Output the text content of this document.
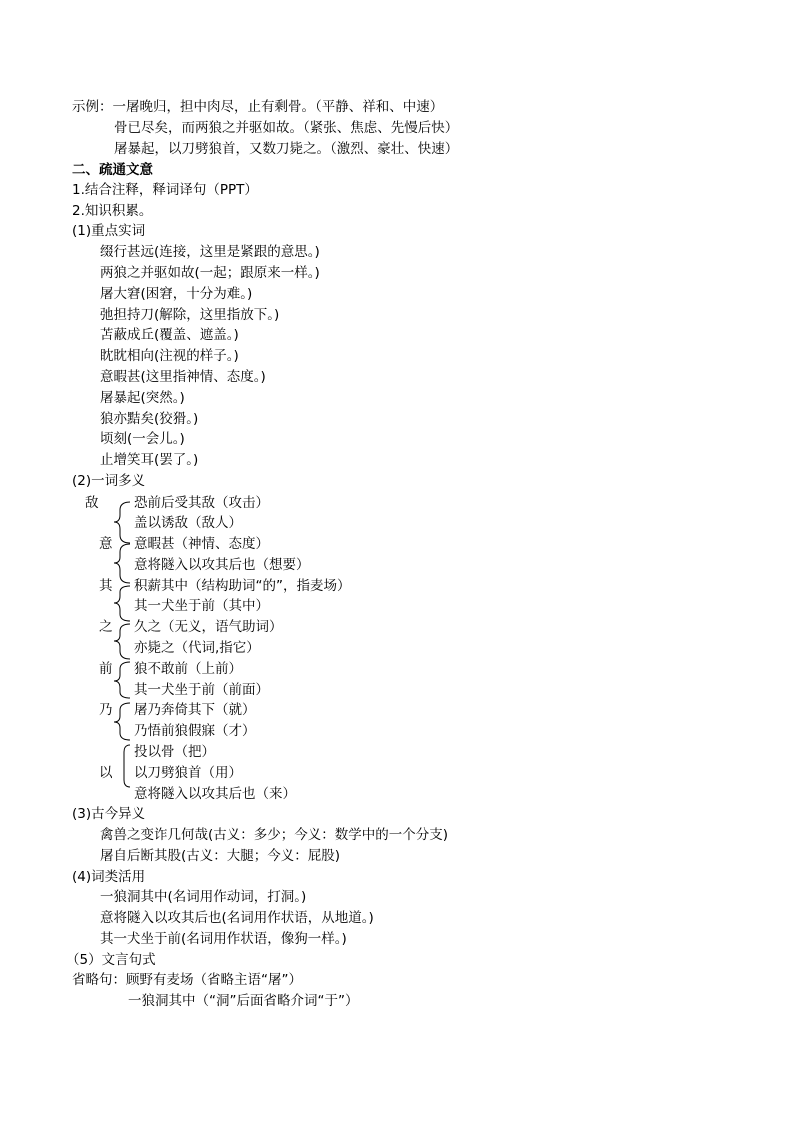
示例：一屠晚归，担中肉尽，止有剩骨。（平静、祥和、中速）
骨已尽矣，而两狼之并驱如故。（紧张、焦虑、先慢后快）
屠暴起，以刀劈狼首，又数刀毙之。（激烈、豪壮、快速）
二、疏通文意
1.结合注释，释词译句（PPT）
2.知识积累。
(1)重点实词
缀行甚远(连接，这里是紧跟的意思。)
两狼之并驱如故(一起；跟原来一样。)
屠大窘(困窘，十分为难。)
弛担持刀(解除，这里指放下。)
苫蔽成丘(覆盖、遮盖。)
眈眈相向(注视的样子。)
意暇甚(这里指神情、态度。)
屠暴起(突然。)
狼亦黠矣(狡猾。)
顷刻(一会儿。)
止增笑耳(罢了。)
(2)一词多义
敌
意
其
之
前
乃
以
恐前后受其敌（攻击）
盖以诱敌（敌人）
意暇甚（神情、态度）
意将隧入以攻其后也（想要）
积薪其中（结构助词“的”，指麦场）
其一犬坐于前（其中）
久之（无义，语气助词）
亦毙之（代词,指它）
狼不敢前（上前）
其一犬坐于前（前面）
屠乃奔倚其下（就）
乃悟前狼假寐（才）
投以骨（把）
以刀劈狼首（用）
意将隧入以攻其后也（来）
(3)古今异义
禽兽之变诈几何哉(古义：多少；今义：数学中的一个分支)
屠自后断其股(古义：大腿；今义：屁股)
(4)词类活用
一狼洞其中(名词用作动词，打洞。)
意将隧入以攻其后也(名词用作状语，从地道。)
其一犬坐于前(名词用作状语，像狗一样。)
（5）文言句式
省略句：顾野有麦场（省略主语“屠”）
一狼洞其中（“洞”后面省略介词“于”）
